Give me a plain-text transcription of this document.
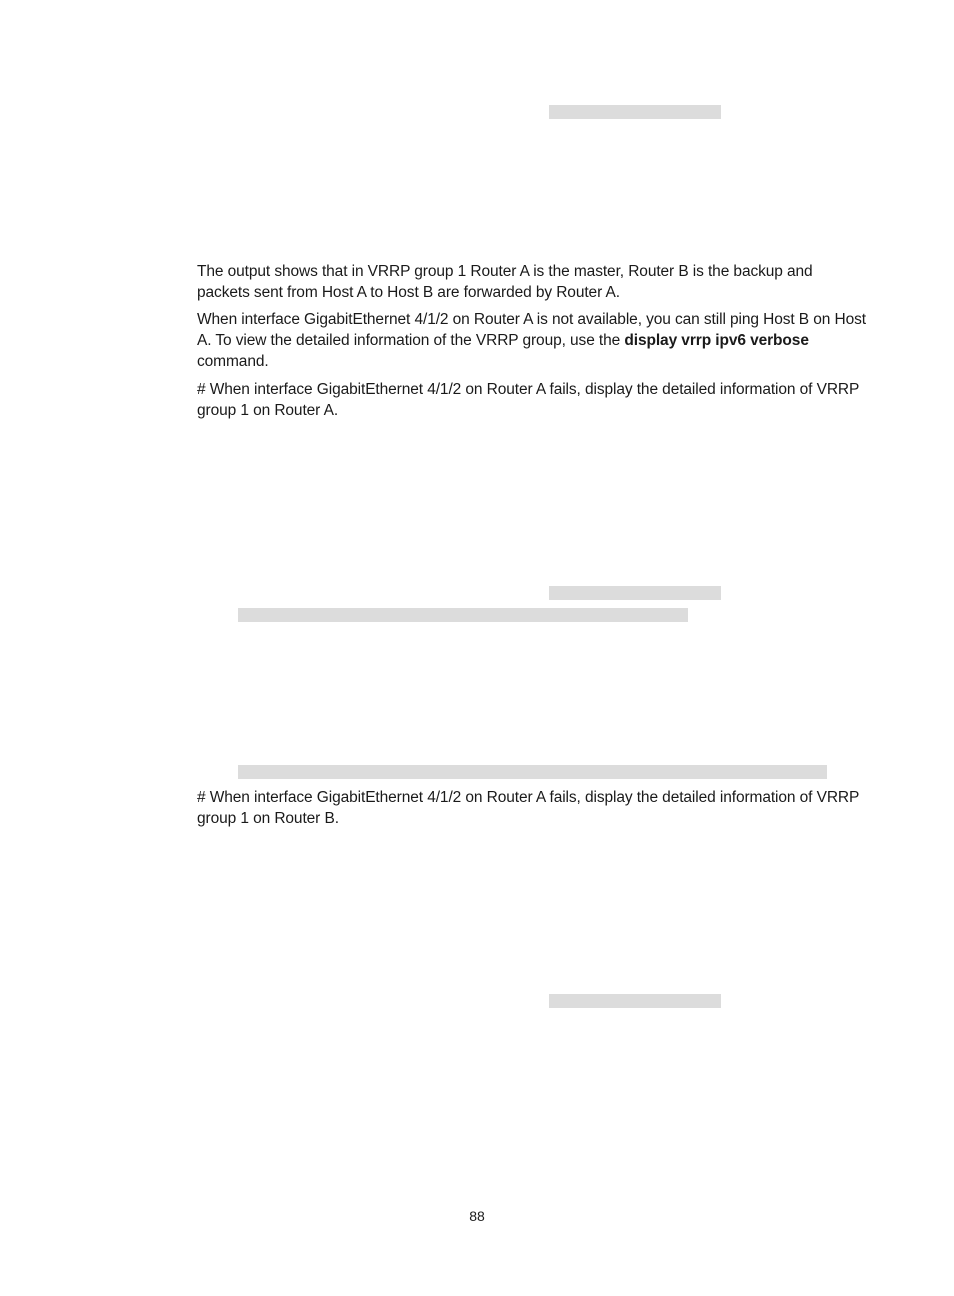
The output shows that in VRRP group 1 Router A is the master, Router B is the backup and packets sent from Host A to Host B are forwarded by Router A.

When interface GigabitEthernet 4/1/2 on Router A is not available, you can still ping Host B on Host A. To view the detailed information of the VRRP group, use the display vrrp ipv6 verbose command.

# When interface GigabitEthernet 4/1/2 on Router A fails, display the detailed information of VRRP group 1 on Router A.

# When interface GigabitEthernet 4/1/2 on Router A fails, display the detailed information of VRRP group 1 on Router B.

88
